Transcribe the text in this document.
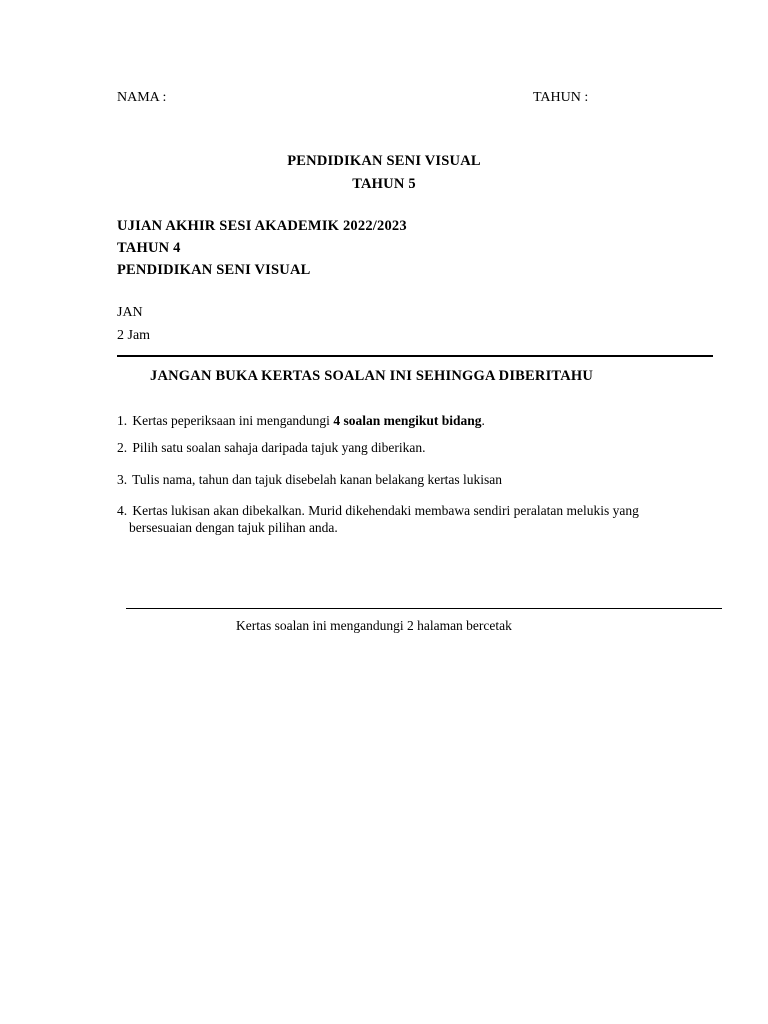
NAMA :	TAHUN :
PENDIDIKAN SENI VISUAL
TAHUN 5
UJIAN AKHIR SESI AKADEMIK 2022/2023
TAHUN 4
PENDIDIKAN SENI VISUAL
JAN
2 Jam
JANGAN BUKA KERTAS SOALAN INI SEHINGGA DIBERITAHU
1. Kertas peperiksaan ini mengandungi 4 soalan mengikut bidang.
2. Pilih satu soalan sahaja daripada tajuk yang diberikan.
3. Tulis nama, tahun dan tajuk disebelah kanan belakang kertas lukisan
4. Kertas lukisan akan dibekalkan. Murid dikehendaki membawa sendiri peralatan melukis yang
bersesuaian dengan tajuk pilihan anda.
Kertas soalan ini mengandungi 2 halaman bercetak
